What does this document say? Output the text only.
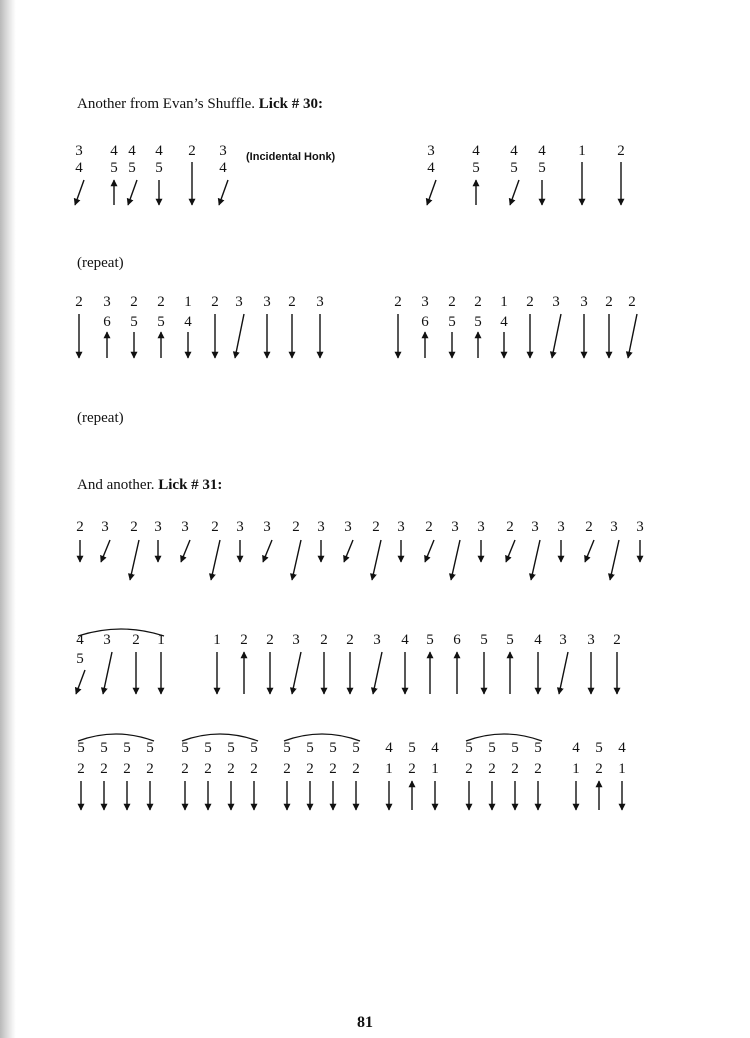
Another from Evan’s Shuffle. Lick # 30:
(Incidental Honk)
(repeat)
(repeat)
And another. Lick # 31:
3
4
4
5
4
5
4
5
2 3
4
3
4
4
5
4
5
4
5
1 2
2 3
6
2
5
2
5
1
4
2 3 3 2 3	2 3
6
2
5
2
5
1
4
2 3 3 2 2
2 3 2 3 3 2 3 3 2 3 3 2 3 2 3 3 2 3 3 2 3 3
4
5
3 2 1	1 2 2 3 2 2 3 4 5 6 5 5 4 3 3 2
5
2
5
2
5
2
5
2
5
2
5
2
5
2
5
2
5
2
5
2
5
2
5
2
4
1
5
2
4
1
5
2
5
2
5
2
5
2
4
1
5
2
4
1
81
